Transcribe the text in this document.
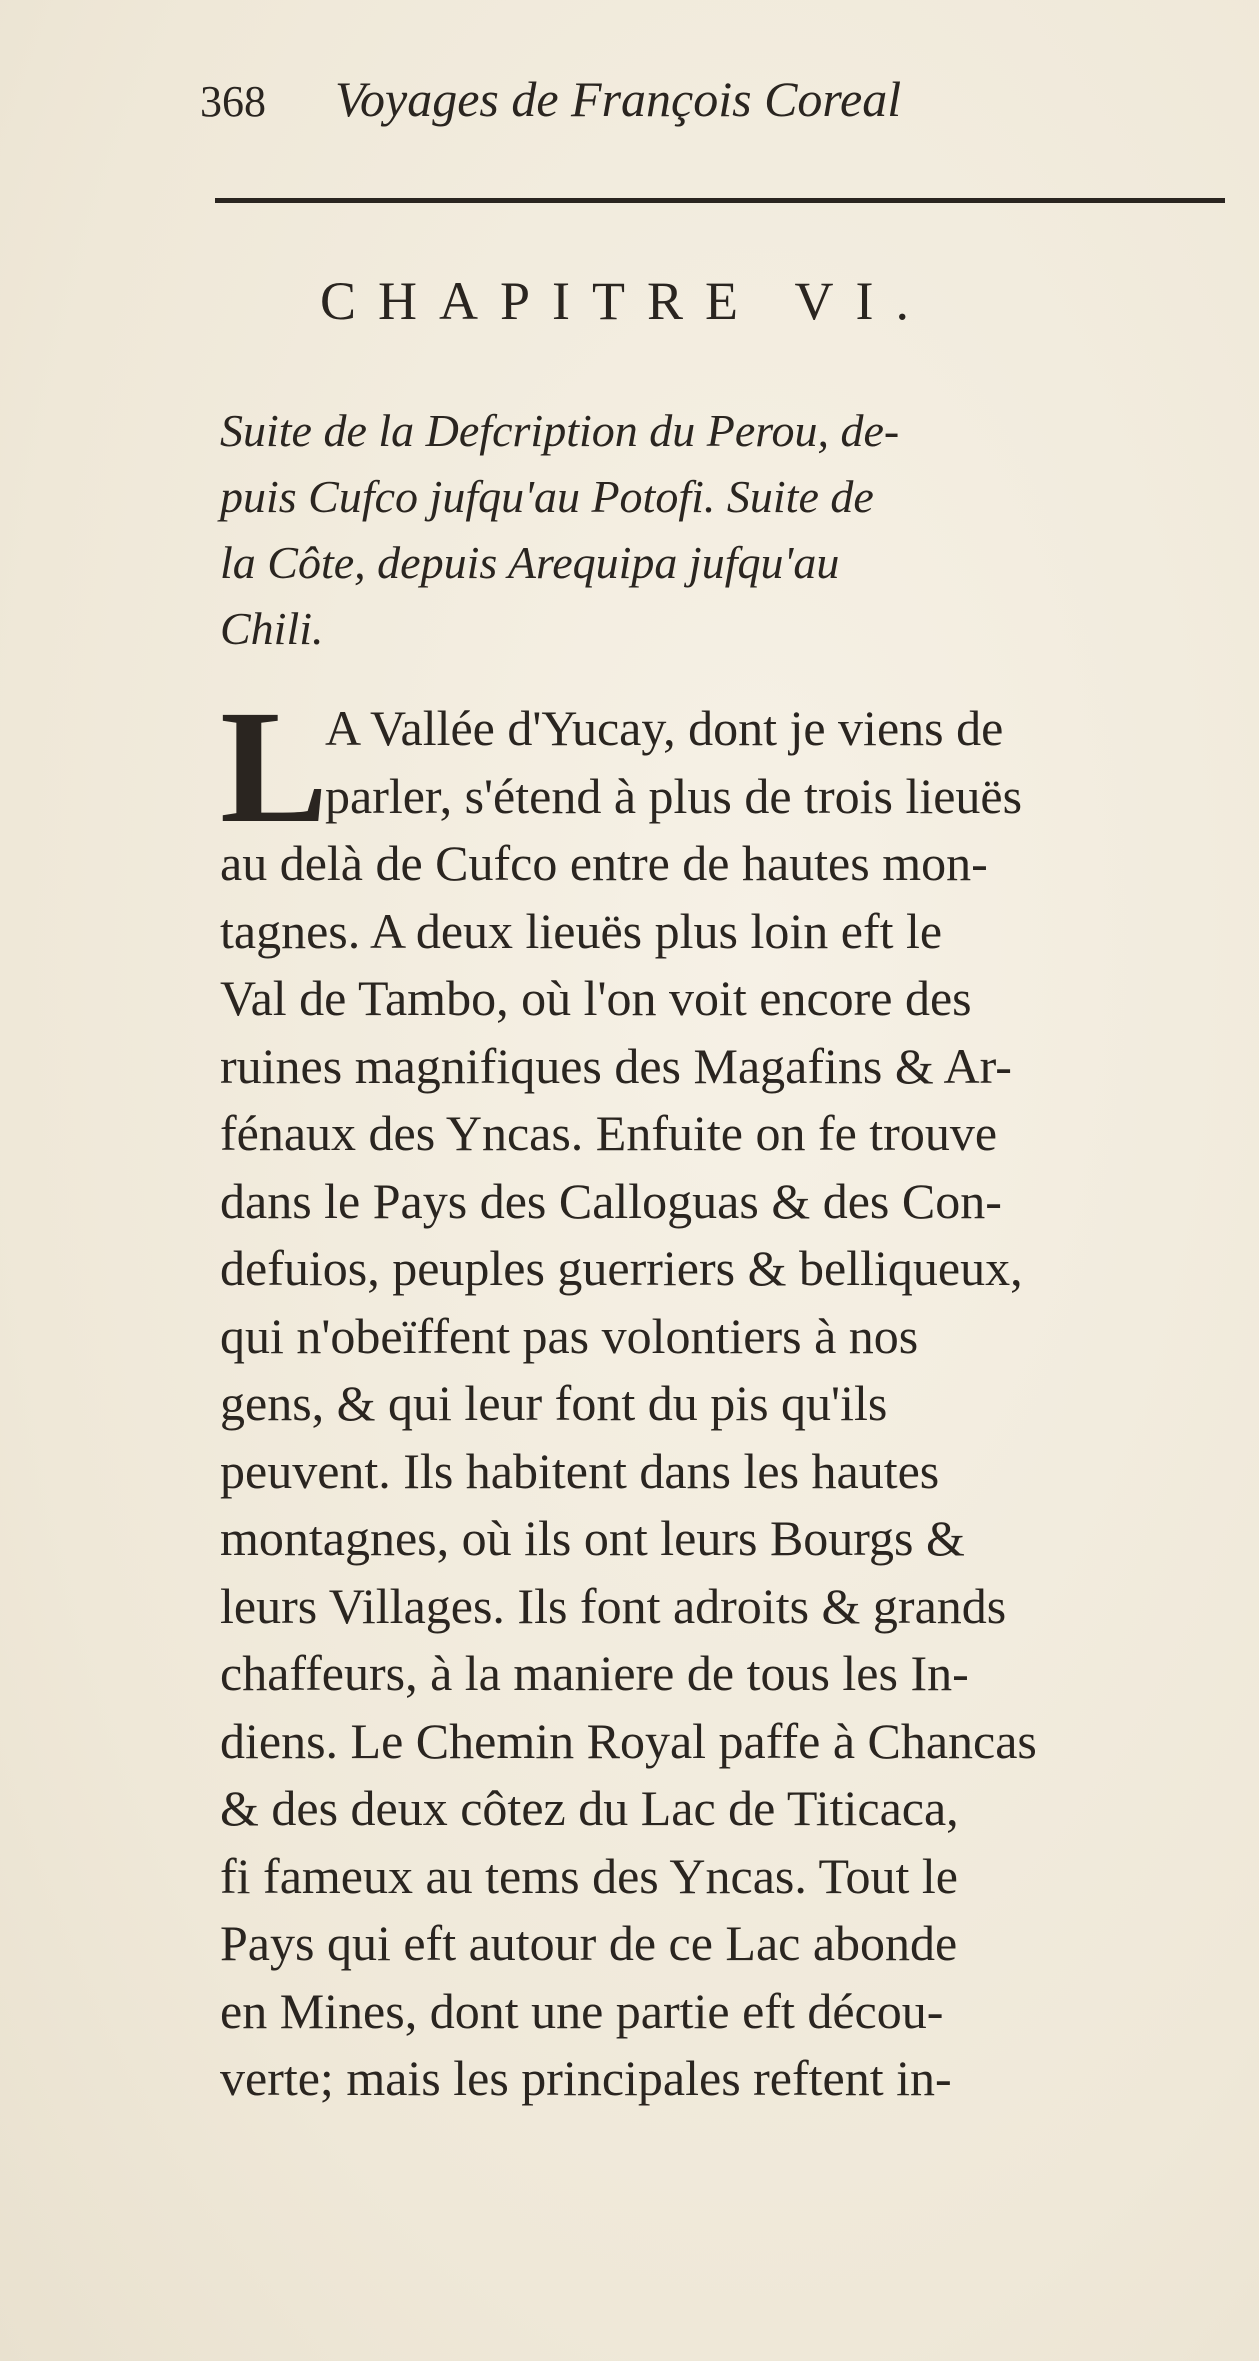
368	Voyages de François Coreal
CHAPITRE VI.

Suite de la Defcription du Perou, de-

puis Cufco jufqu'au Potofi. Suite de

la Côte, depuis Arequipa jufqu'au

Chili.

L
A Vallée d'Yucay, dont je viens de
parler, s'étend à plus de trois lieuës
au delà de Cufco entre de hautes mon-
tagnes. A deux lieuës plus loin eft le
Val de Tambo, où l'on voit encore des
ruines magnifiques des Magafins & Ar-
fénaux des Yncas. Enfuite on fe trouve
dans le Pays des Calloguas & des Con-
defuios, peuples guerriers & belliqueux,
qui n'obeïffent pas volontiers à nos
gens, & qui leur font du pis qu'ils
peuvent. Ils habitent dans les hautes
montagnes, où ils ont leurs Bourgs &
leurs Villages. Ils font adroits & grands
chaffeurs, à la maniere de tous les In-
diens. Le Chemin Royal paffe à Chancas
& des deux côtez du Lac de Titicaca,
fi fameux au tems des Yncas. Tout le
Pays qui eft autour de ce Lac abonde
en Mines, dont une partie eft décou-
verte; mais les principales reftent in-
